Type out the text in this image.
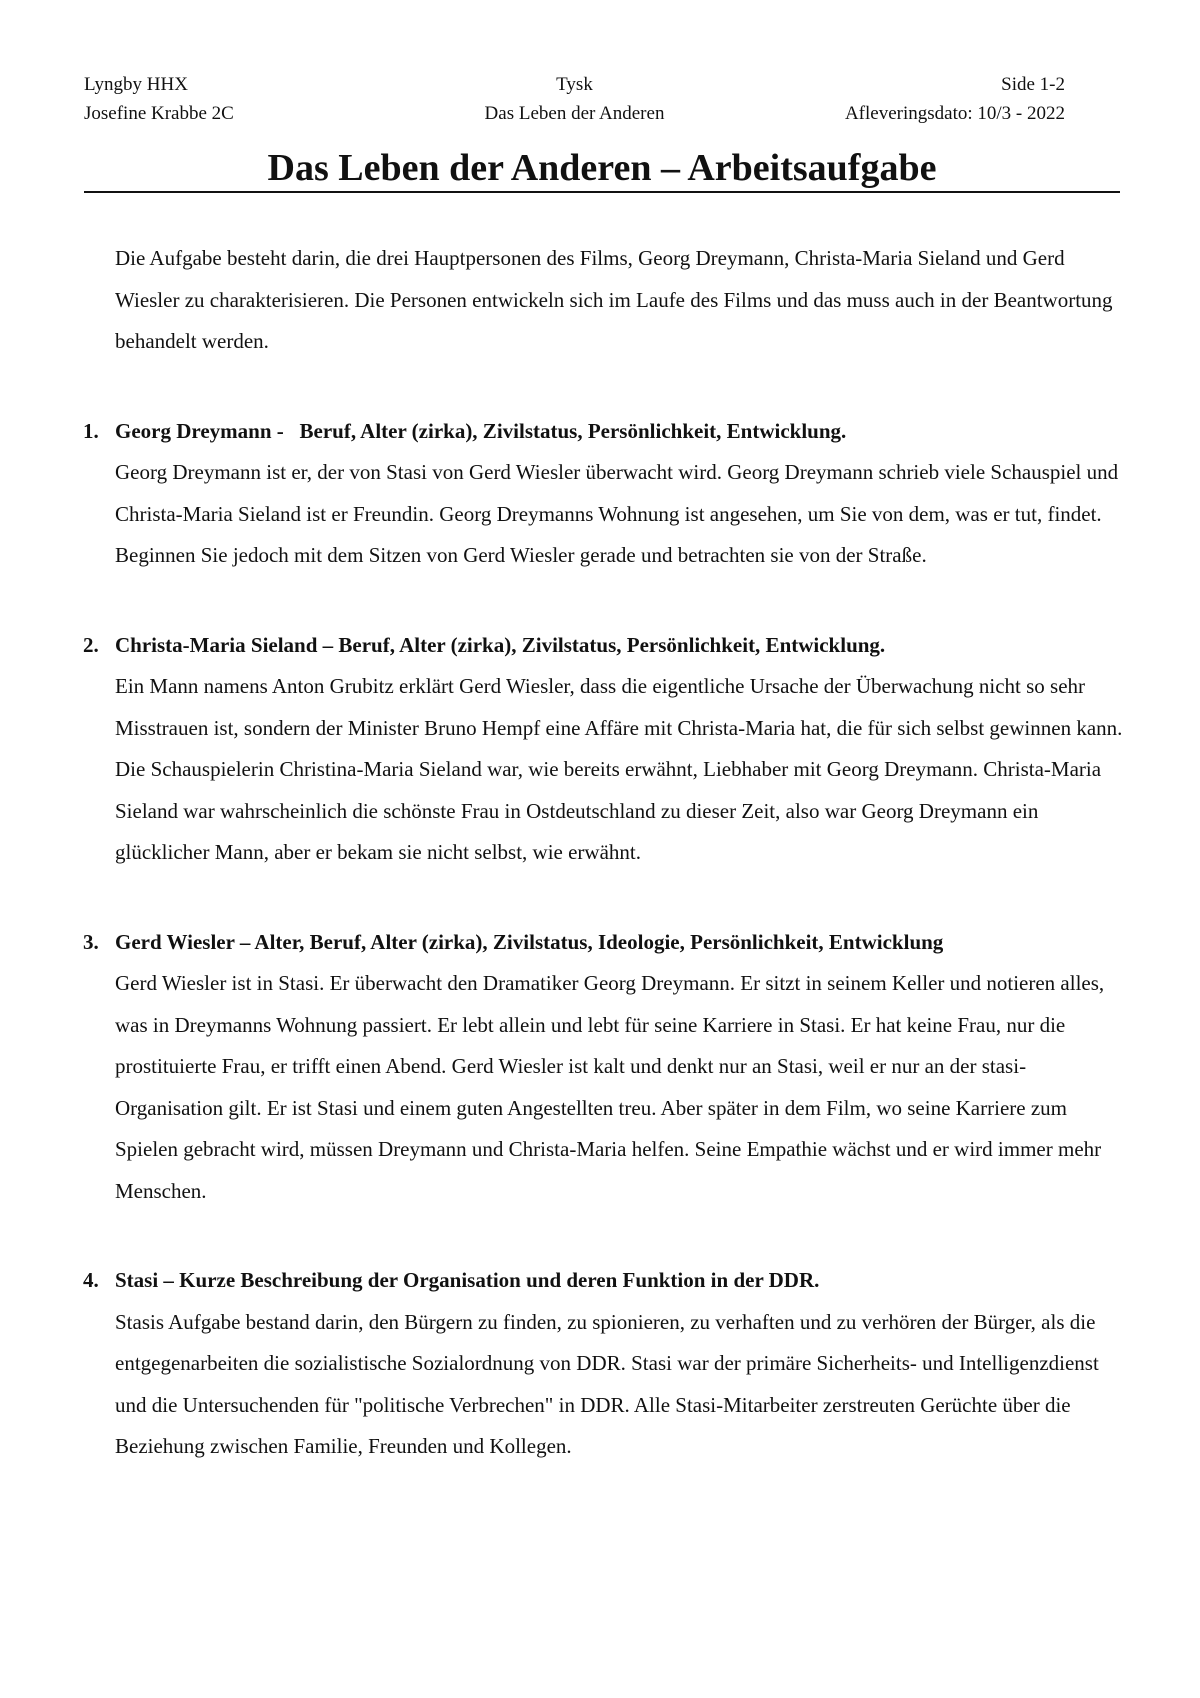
Lyngby HHX	Tysk	Side 1-2
Josefine Krabbe 2C	Das Leben der Anderen	Afleveringsdato: 10/3 - 2022
Das Leben der Anderen – Arbeitsaufgabe

Die Aufgabe besteht darin, die drei Hauptpersonen des Films, Georg Dreymann, Christa-Maria Sieland und Gerd Wiesler zu charakterisieren. Die Personen entwickeln sich im Laufe des Films und das muss auch in der Beantwortung behandelt werden.

1. Georg Dreymann -   Beruf, Alter (zirka), Zivilstatus, Persönlichkeit, Entwicklung.

Georg Dreymann ist er, der von Stasi von Gerd Wiesler überwacht wird. Georg Dreymann schrieb viele Schauspiel und Christa-Maria Sieland ist er Freundin. Georg Dreymanns Wohnung ist angesehen, um Sie von dem, was er tut, findet. Beginnen Sie jedoch mit dem Sitzen von Gerd Wiesler gerade und betrachten sie von der Straße.

2. Christa-Maria Sieland – Beruf, Alter (zirka), Zivilstatus, Persönlichkeit, Entwicklung.

Ein Mann namens Anton Grubitz erklärt Gerd Wiesler, dass die eigentliche Ursache der Überwachung nicht so sehr Misstrauen ist, sondern der Minister Bruno Hempf eine Affäre mit Christa-Maria hat, die für sich selbst gewinnen kann. Die Schauspielerin Christina-Maria Sieland war, wie bereits erwähnt, Liebhaber mit Georg Dreymann. Christa-Maria Sieland war wahrscheinlich die schönste Frau in Ostdeutschland zu dieser Zeit, also war Georg Dreymann ein glücklicher Mann, aber er bekam sie nicht selbst, wie erwähnt.

3. Gerd Wiesler – Alter, Beruf, Alter (zirka), Zivilstatus, Ideologie, Persönlichkeit, Entwicklung

Gerd Wiesler ist in Stasi. Er überwacht den Dramatiker Georg Dreymann. Er sitzt in seinem Keller und notieren alles, was in Dreymanns Wohnung passiert. Er lebt allein und lebt für seine Karriere in Stasi. Er hat keine Frau, nur die prostituierte Frau, er trifft einen Abend. Gerd Wiesler ist kalt und denkt nur an Stasi, weil er nur an der stasi-Organisation gilt. Er ist Stasi und einem guten Angestellten treu. Aber später in dem Film, wo seine Karriere zum Spielen gebracht wird, müssen Dreymann und Christa-Maria helfen. Seine Empathie wächst und er wird immer mehr Menschen.

4. Stasi – Kurze Beschreibung der Organisation und deren Funktion in der DDR.

Stasis Aufgabe bestand darin, den Bürgern zu finden, zu spionieren, zu verhaften und zu verhören der Bürger, als die entgegenarbeiten die sozialistische Sozialordnung von DDR. Stasi war der primäre Sicherheits- und Intelligenzdienst und die Untersuchenden für "politische Verbrechen" in DDR. Alle Stasi-Mitarbeiter zerstreuten Gerüchte über die Beziehung zwischen Familie, Freunden und Kollegen.
